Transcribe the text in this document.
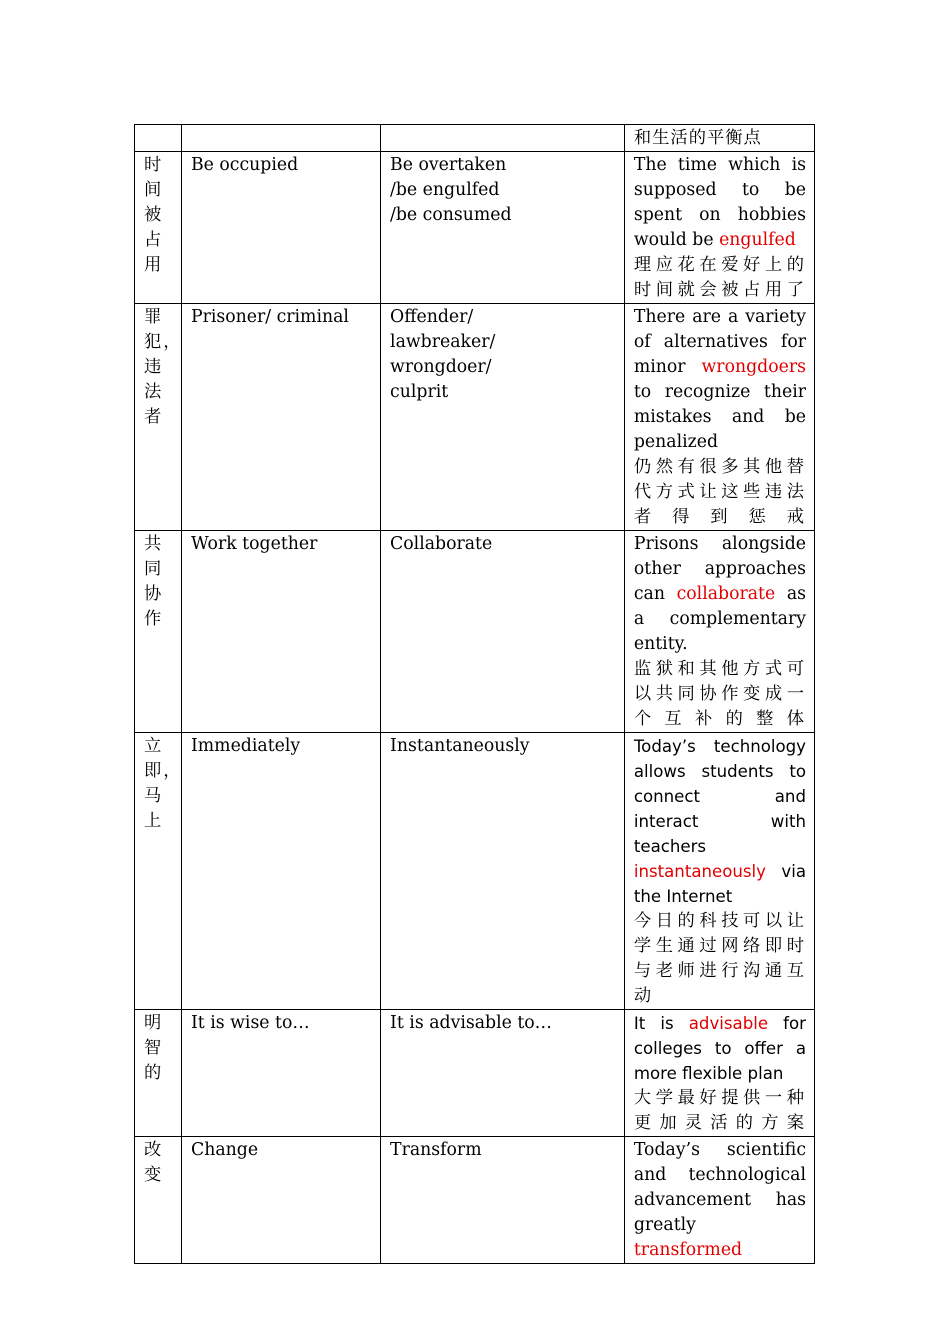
			和生活的平衡点

时间被占用	Be occupied	Be overtaken
/be engulfed
/be consumed	The time which is supposed to be spent on hobbies would be engulfed
理应花在爱好上的时间就会被占用了

罪犯，违法者	Prisoner/ criminal	Offender/
lawbreaker/
wrongdoer/
culprit	There are a variety of alternatives for minor wrongdoers to recognize their mistakes and be penalized
仍然有很多其他替代方式让这些违法者得到惩戒

共同协作	Work together	Collaborate	Prisons alongside other approaches can collaborate as a complementary entity.
监狱和其他方式可以共同协作变成一个互补的整体

立即，马上	Immediately	Instantaneously	Today’s technology allows students to connect and interact with teachers instantaneously via the Internet
今日的科技可以让学生通过网络即时与老师进行沟通互动

明智的	It is wise to…	It is advisable to…	It is advisable for colleges to offer a more flexible plan
大学最好提供一种更加灵活的方案

改变	Change	Transform	Today’s scientific and technological advancement has greatly transformed
